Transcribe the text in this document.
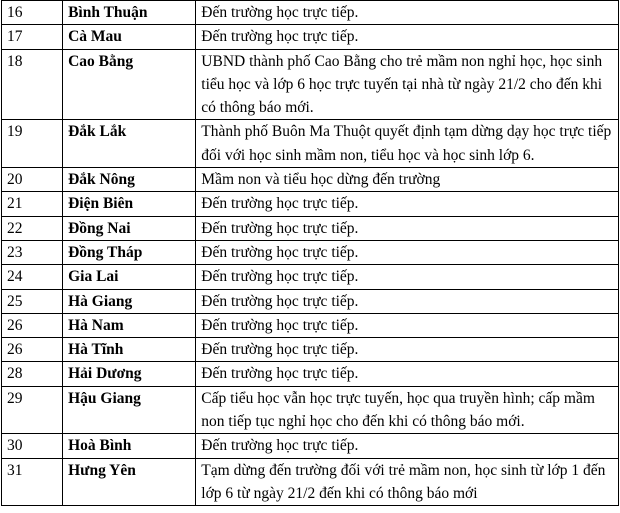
16	Bình Thuận	Đến trường học trực tiếp.
17	Cà Mau	Đến trường học trực tiếp.
18	Cao Bằng	UBND thành phố Cao Bằng cho trẻ mầm non nghỉ học, học sinh tiểu học và lớp 6 học trực tuyến tại nhà từ ngày 21/2 cho đến khi có thông báo mới.
19	Đắk Lắk	Thành phố Buôn Ma Thuột quyết định tạm dừng dạy học trực tiếp đối với học sinh mầm non, tiểu học và học sinh lớp 6.
20	Đắk Nông	Mầm non và tiểu học dừng đến trường
21	Điện Biên	Đến trường học trực tiếp.
22	Đồng Nai	Đến trường học trực tiếp.
23	Đồng Tháp	Đến trường học trực tiếp.
24	Gia Lai	Đến trường học trực tiếp.
25	Hà Giang	Đến trường học trực tiếp.
26	Hà Nam	Đến trường học trực tiếp.
26	Hà Tĩnh	Đến trường học trực tiếp.
28	Hải Dương	Đến trường học trực tiếp.
29	Hậu Giang	Cấp tiểu học vẫn học trực tuyến, học qua truyền hình; cấp mầm non tiếp tục nghỉ học cho đến khi có thông báo mới.
30	Hoà Bình	Đến trường học trực tiếp.
31	Hưng Yên	Tạm dừng đến trường đối với trẻ mầm non, học sinh từ lớp 1 đến lớp 6 từ ngày 21/2 đến khi có thông báo mới
